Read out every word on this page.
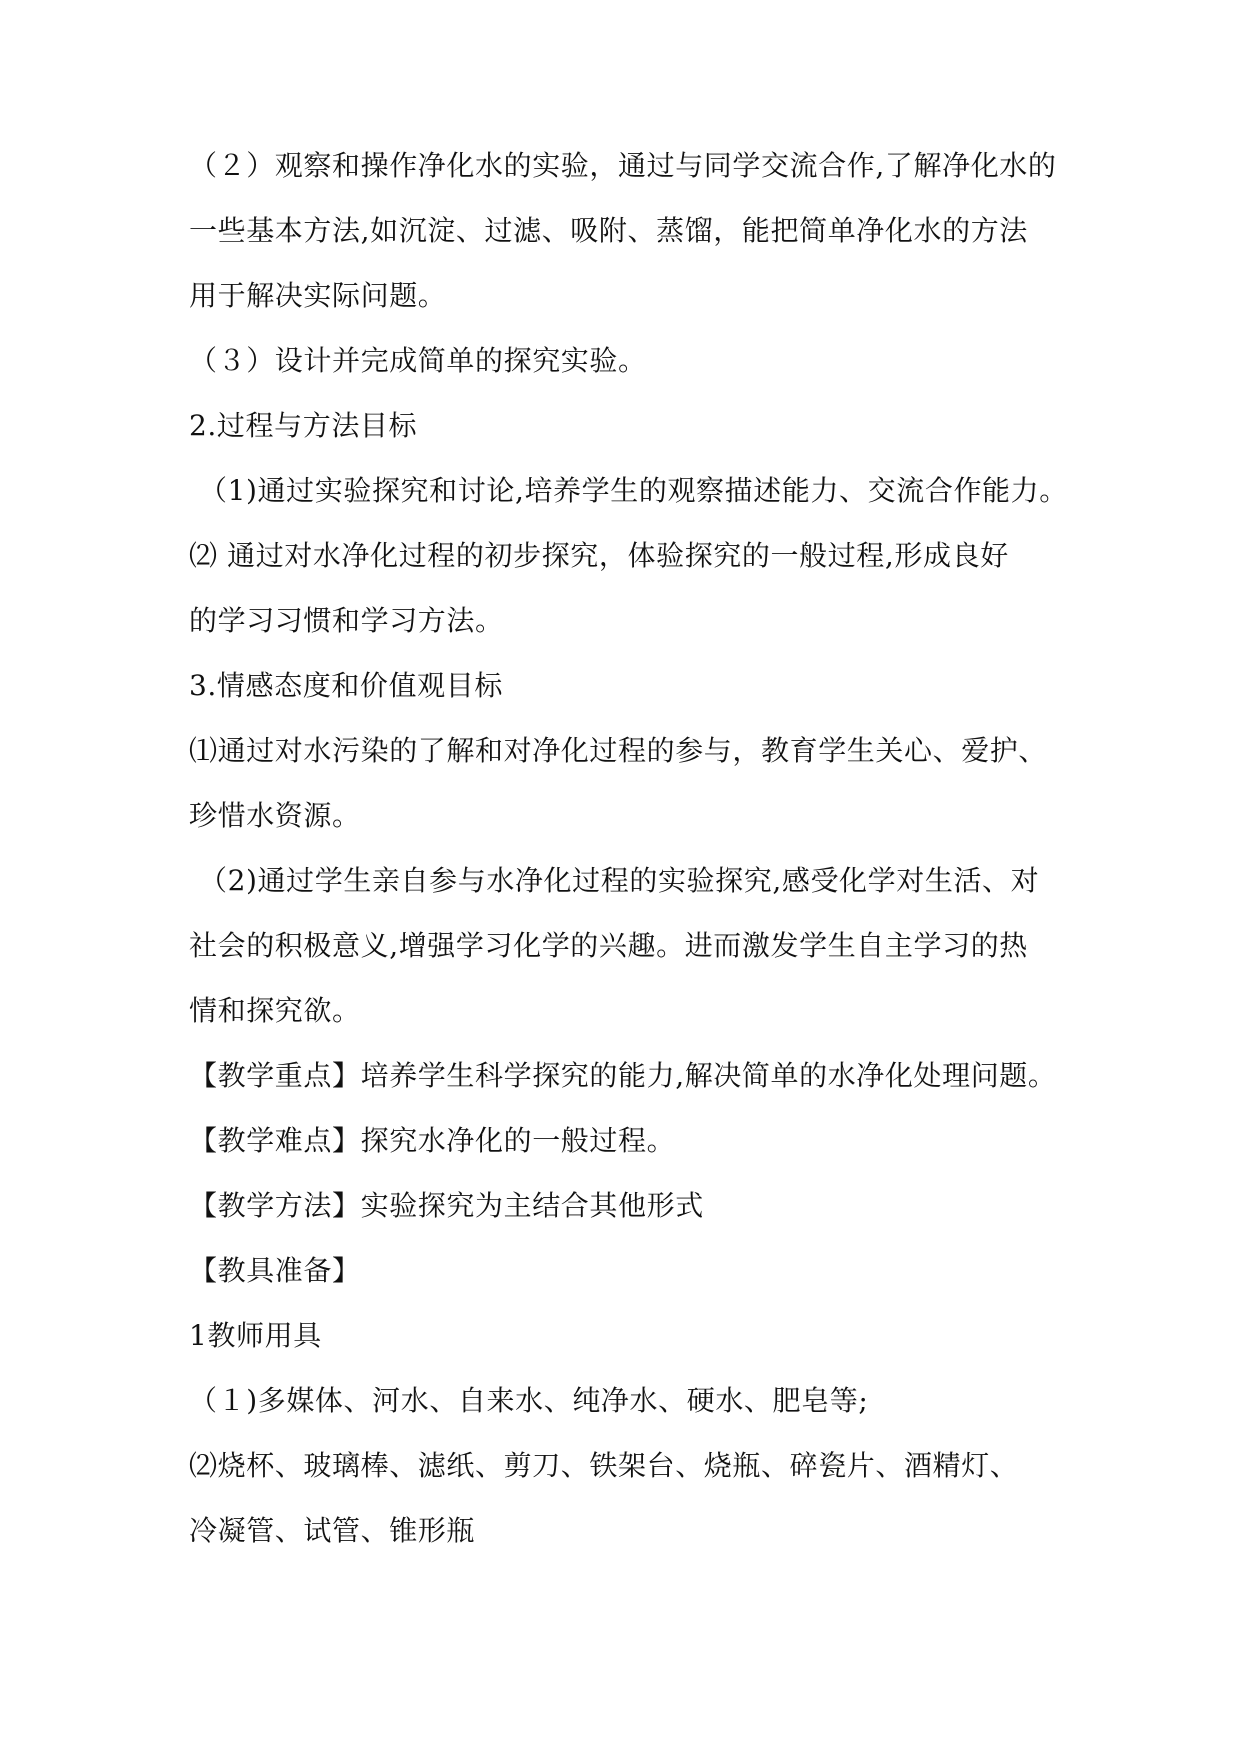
（２）观察和操作净化水的实验，通过与同学交流合作,了解净化水的
一些基本方法,如沉淀、过滤、吸附、蒸馏，能把简单净化水的方法
用于解决实际问题。
（３）设计并完成简单的探究实验。
2.过程与方法目标
（1)通过实验探究和讨论,培养学生的观察描述能力、交流合作能力。
⑵ 通过对水净化过程的初步探究，体验探究的一般过程,形成良好
的学习习惯和学习方法。
3.情感态度和价值观目标
⑴通过对水污染的了解和对净化过程的参与，教育学生关心、爱护、
珍惜水资源。
（2)通过学生亲自参与水净化过程的实验探究,感受化学对生活、对
社会的积极意义,增强学习化学的兴趣。进而激发学生自主学习的热
情和探究欲。
【教学重点】培养学生科学探究的能力,解决简单的水净化处理问题。
【教学难点】探究水净化的一般过程。
【教学方法】实验探究为主结合其他形式
【教具准备】
1教师用具
（１)多媒体、河水、自来水、纯净水、硬水、肥皂等;
⑵烧杯、玻璃棒、滤纸、剪刀、铁架台、烧瓶、碎瓷片、酒精灯、
冷凝管、试管、锥形瓶
